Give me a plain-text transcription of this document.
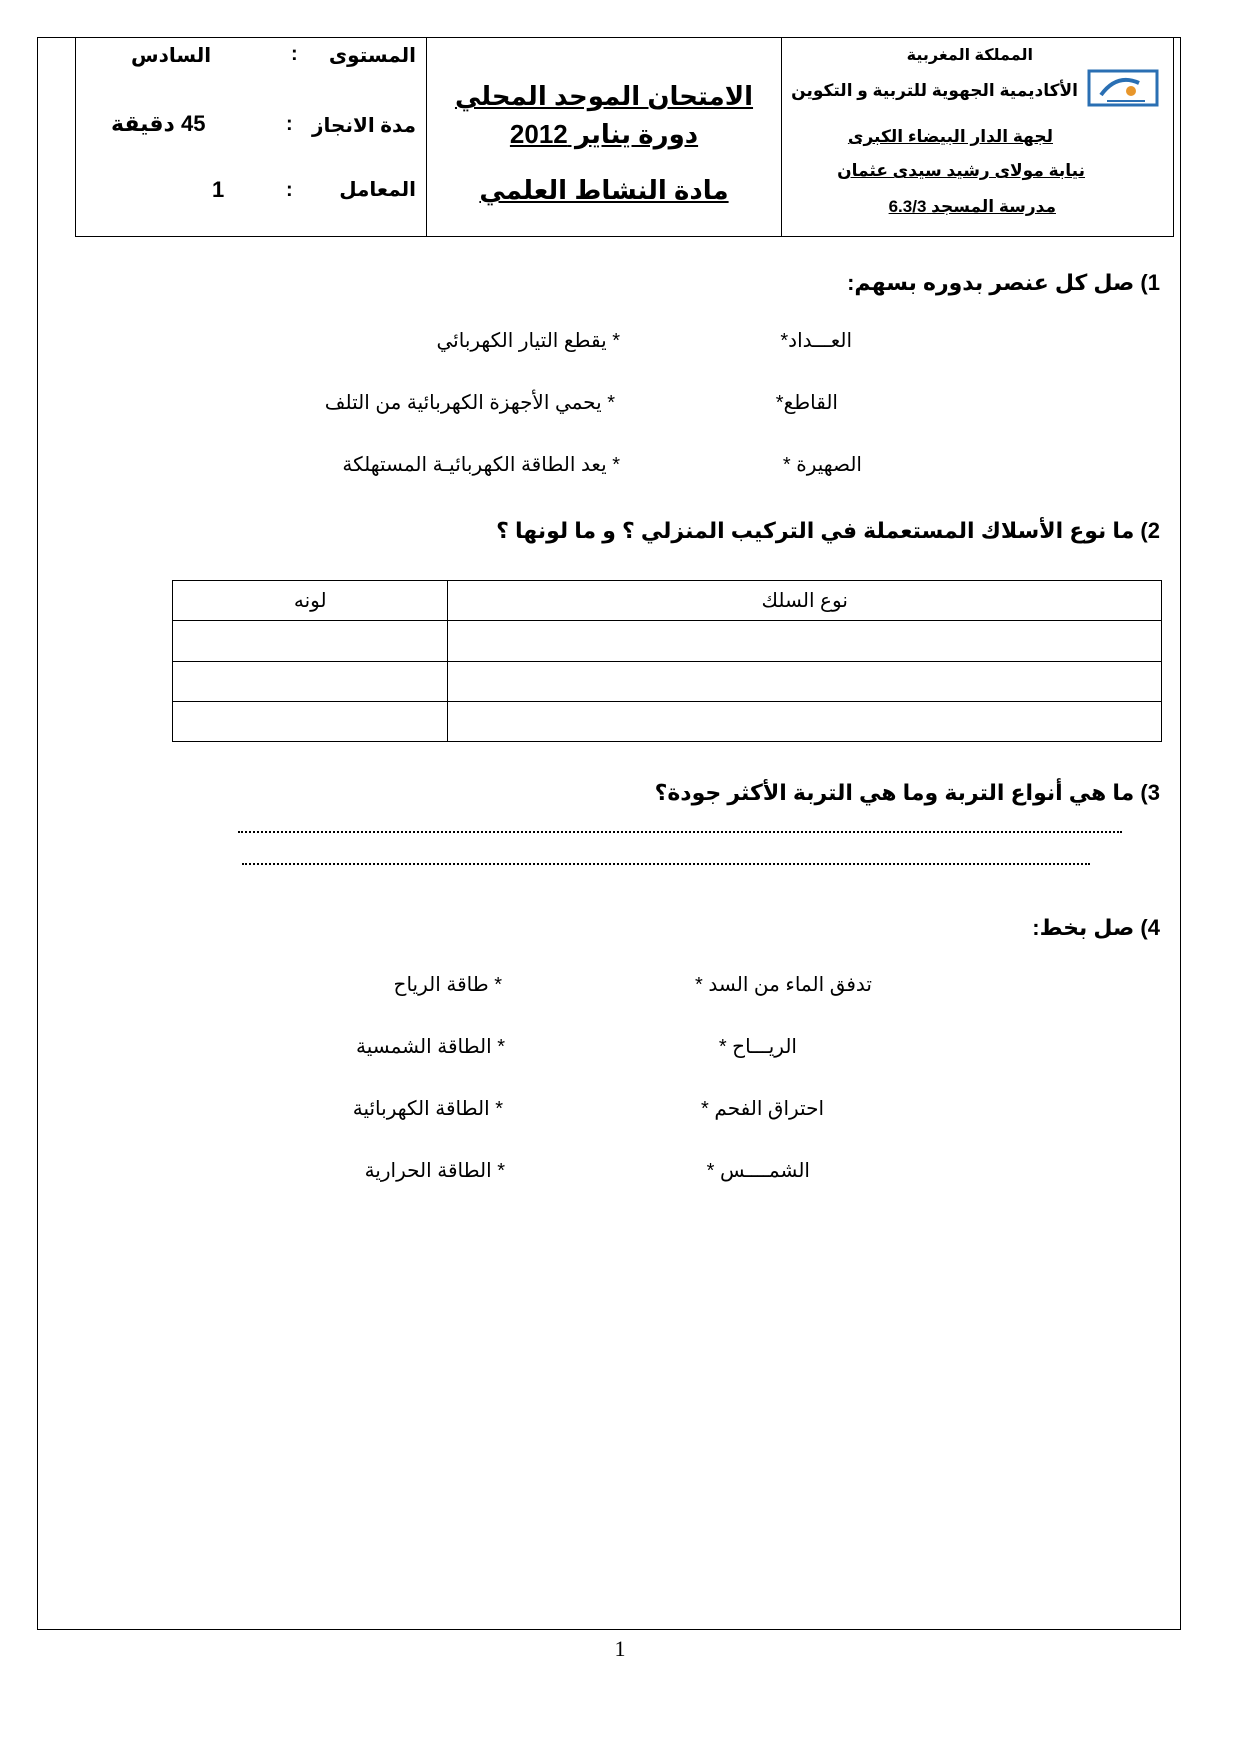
المملكة المغربية
الأكاديمية الجهوية للتربية و التكوين
لجهة الدار البيضاء الكبرى
نيابة مولاى رشيد سيدى عثمان
مدرسة المسجد 6.3/3
الامتحان الموحد المحلي
دورة يناير 2012
مادة النشاط العلمي
المستوى
:
السادس
مدة الانجاز
:
45 دقيقة
المعامل
:
1
1) صل كل عنصر بدوره بسهم:
العـــداد*
* يقطع التيار الكهربائي
القاطع*
* يحمي الأجهزة الكهربائية من التلف
الصهيرة *
* يعد الطاقة الكهربائيـة المستهلكة
2) ما نوع الأسلاك المستعملة في التركيب المنزلي ؟ و ما لونها ؟
نوع السلك	لونه

3) ما هي أنواع التربة وما هي التربة الأكثر جودة؟
4) صل بخط:
تدفق الماء من السد *
* طاقة الرياح
الريـــاح *
* الطاقة الشمسية
احتراق الفحم *
* الطاقة الكهربائية
الشمــــس *
* الطاقة الحرارية
1
